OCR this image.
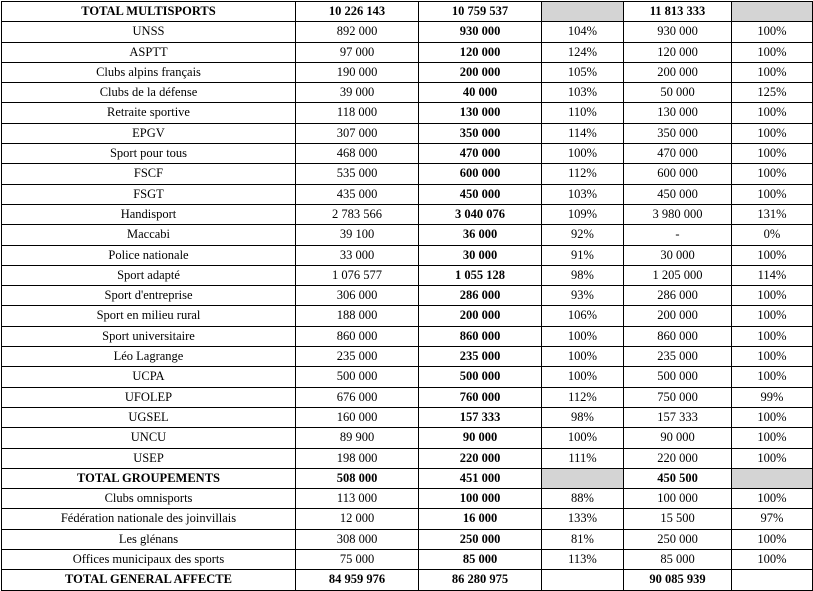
TOTAL MULTISPORTS	10 226 143	10 759 537		11 813 333	
UNSS	892 000	930 000	104%	930 000	100%
ASPTT	97 000	120 000	124%	120 000	100%
Clubs alpins français	190 000	200 000	105%	200 000	100%
Clubs de la défense	39 000	40 000	103%	50 000	125%
Retraite sportive	118 000	130 000	110%	130 000	100%
EPGV	307 000	350 000	114%	350 000	100%
Sport pour tous	468 000	470 000	100%	470 000	100%
FSCF	535 000	600 000	112%	600 000	100%
FSGT	435 000	450 000	103%	450 000	100%
Handisport	2 783 566	3 040 076	109%	3 980 000	131%
Maccabi	39 100	36 000	92%	-	0%
Police nationale	33 000	30 000	91%	30 000	100%
Sport adapté	1 076 577	1 055 128	98%	1 205 000	114%
Sport d'entreprise	306 000	286 000	93%	286 000	100%
Sport en milieu rural	188 000	200 000	106%	200 000	100%
Sport universitaire	860 000	860 000	100%	860 000	100%
Léo Lagrange	235 000	235 000	100%	235 000	100%
UCPA	500 000	500 000	100%	500 000	100%
UFOLEP	676 000	760 000	112%	750 000	99%
UGSEL	160 000	157 333	98%	157 333	100%
UNCU	89 900	90 000	100%	90 000	100%
USEP	198 000	220 000	111%	220 000	100%
TOTAL GROUPEMENTS	508 000	451 000		450 500	
Clubs omnisports	113 000	100 000	88%	100 000	100%
Fédération nationale des joinvillais	12 000	16 000	133%	15 500	97%
Les glénans	308 000	250 000	81%	250 000	100%
Offices municipaux des sports	75 000	85 000	113%	85 000	100%
TOTAL GENERAL AFFECTE	84 959 976	86 280 975		90 085 939	
